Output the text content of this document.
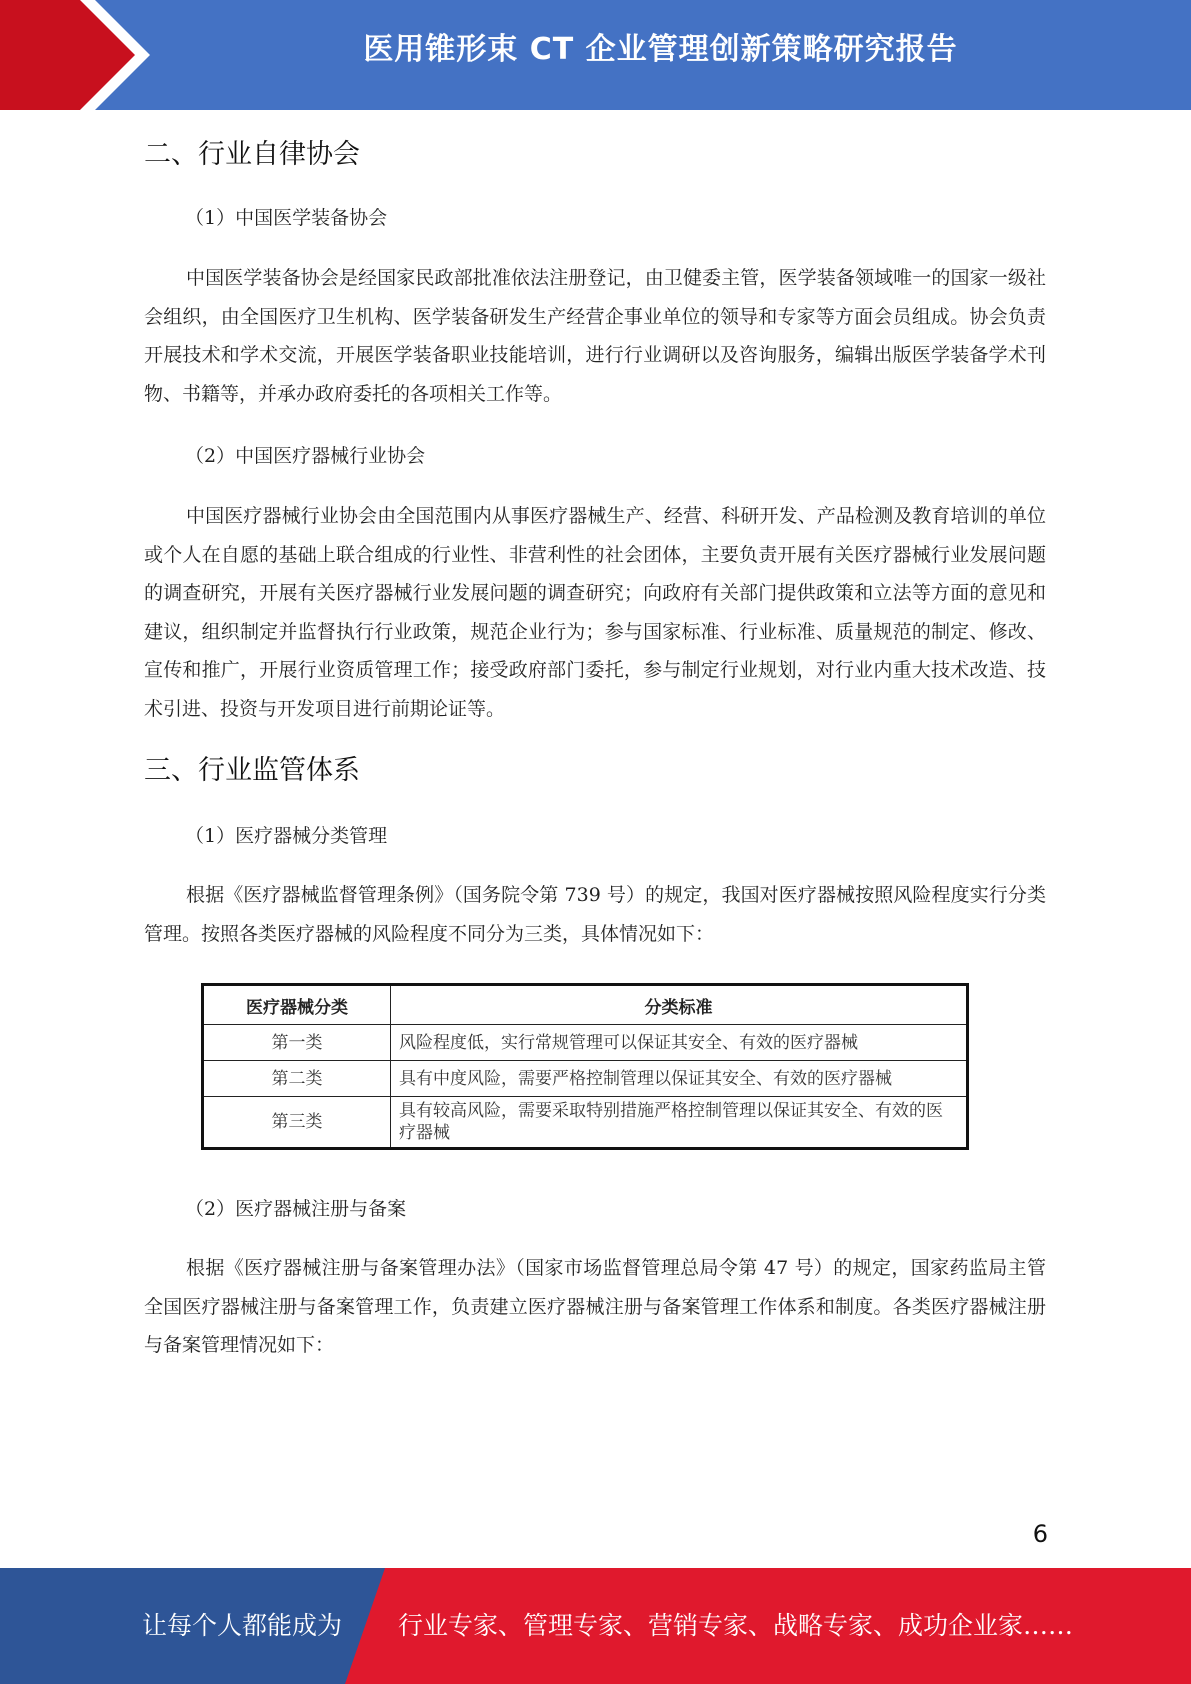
医用锥形束 CT 企业管理创新策略研究报告
二、行业自律协会
（1）中国医学装备协会

中国医学装备协会是经国家民政部批准依法注册登记，由卫健委主管，医学装备领域唯一的国家一级社会组织，由全国医疗卫生机构、医学装备研发生产经营企事业单位的领导和专家等方面会员组成。协会负责开展技术和学术交流，开展医学装备职业技能培训，进行行业调研以及咨询服务，编辑出版医学装备学术刊物、书籍等，并承办政府委托的各项相关工作等。

（2）中国医疗器械行业协会

中国医疗器械行业协会由全国范围内从事医疗器械生产、经营、科研开发、产品检测及教育培训的单位或个人在自愿的基础上联合组成的行业性、非营利性的社会团体，主要负责开展有关医疗器械行业发展问题的调查研究，开展有关医疗器械行业发展问题的调查研究；向政府有关部门提供政策和立法等方面的意见和建议，组织制定并监督执行行业政策，规范企业行为；参与国家标准、行业标准、质量规范的制定、修改、宣传和推广，开展行业资质管理工作；接受政府部门委托，参与制定行业规划，对行业内重大技术改造、技术引进、投资与开发项目进行前期论证等。

三、行业监管体系
（1）医疗器械分类管理

根据《医疗器械监督管理条例》（国务院令第 739 号）的规定，我国对医疗器械按照风险程度实行分类管理。按照各类医疗器械的风险程度不同分为三类，具体情况如下：

医疗器械分类	分类标准
第一类	风险程度低，实行常规管理可以保证其安全、有效的医疗器械
第二类	具有中度风险，需要严格控制管理以保证其安全、有效的医疗器械
第三类	具有较高风险，需要采取特别措施严格控制管理以保证其安全、有效的医疗器械
（2）医疗器械注册与备案

根据《医疗器械注册与备案管理办法》（国家市场监督管理总局令第 47 号）的规定，国家药监局主管全国医疗器械注册与备案管理工作，负责建立医疗器械注册与备案管理工作体系和制度。各类医疗器械注册与备案管理情况如下：

6
让每个人都能成为 行业专家、管理专家、营销专家、战略专家、成功企业家……
